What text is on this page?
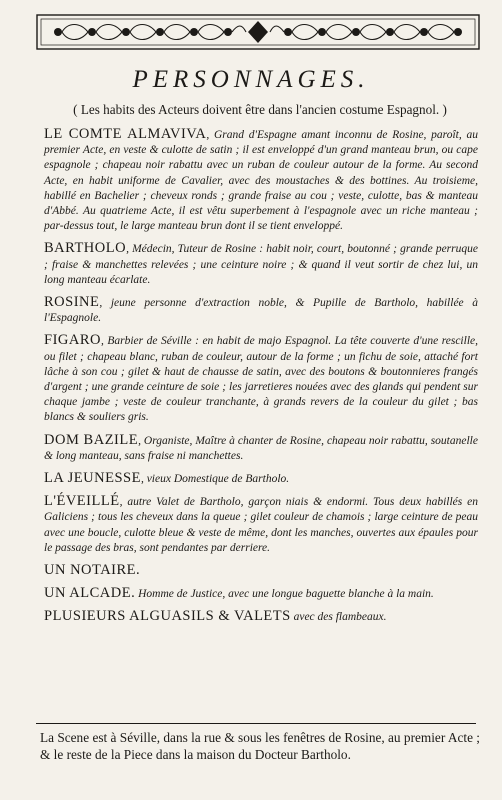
PERSONNAGES.
( Les habits des Acteurs doivent être dans l'ancien costume Espagnol. )

LE COMTE ALMAVIVA, Grand d'Espagne amant inconnu de Rosine, paroît, au premier Acte, en veste & culotte de satin ; il est enveloppé d'un grand manteau brun, ou cape espagnole ; chapeau noir rabattu avec un ruban de couleur autour de la forme. Au second Acte, en habit uniforme de Cavalier, avec des moustaches & des bottines. Au troisieme, habillé en Bachelier ; cheveux ronds ; grande fraise au cou ; veste, culotte, bas & manteau d'Abbé. Au quatrieme Acte, il est vêtu superbement à l'espagnole avec un riche manteau ; par-dessus tout, le large manteau brun dont il se tient enveloppé.

BARTHOLO, Médecin, Tuteur de Rosine : habit noir, court, boutonné ; grande perruque ; fraise & manchettes relevées ; une ceinture noire ; & quand il veut sortir de chez lui, un long manteau écarlate.

ROSINE, jeune personne d'extraction noble, & Pupille de Bartholo, habillée à l'Espagnole.

FIGARO, Barbier de Séville : en habit de majo Espagnol. La tête couverte d'une rescille, ou filet ; chapeau blanc, ruban de couleur, autour de la forme ; un fichu de soie, attaché fort lâche à son cou ; gilet & haut de chausse de satin, avec des boutons & boutonnieres frangés d'argent ; une grande ceinture de soie ; les jarretieres nouées avec des glands qui pendent sur chaque jambe ; veste de couleur tranchante, à grands revers de la couleur du gilet ; bas blancs & souliers gris.

DOM BAZILE, Organiste, Maître à chanter de Rosine, chapeau noir rabattu, soutanelle & long manteau, sans fraise ni manchettes.

LA JEUNESSE, vieux Domestique de Bartholo.

L'ÉVEILLÉ, autre Valet de Bartholo, garçon niais & endormi. Tous deux habillés en Galiciens ; tous les cheveux dans la queue ; gilet couleur de chamois ; large ceinture de peau avec une boucle, culotte bleue & veste de même, dont les manches, ouvertes aux épaules pour le passage des bras, sont pendantes par derriere.

UN NOTAIRE.

UN ALCADE. Homme de Justice, avec une longue baguette blanche à la main.

PLUSIEURS ALGUASILS & VALETS avec des flambeaux.

La Scene est à Séville, dans la rue & sous les fenêtres de Rosine, au premier Acte ; & le reste de la Piece dans la maison du Docteur Bartholo.
